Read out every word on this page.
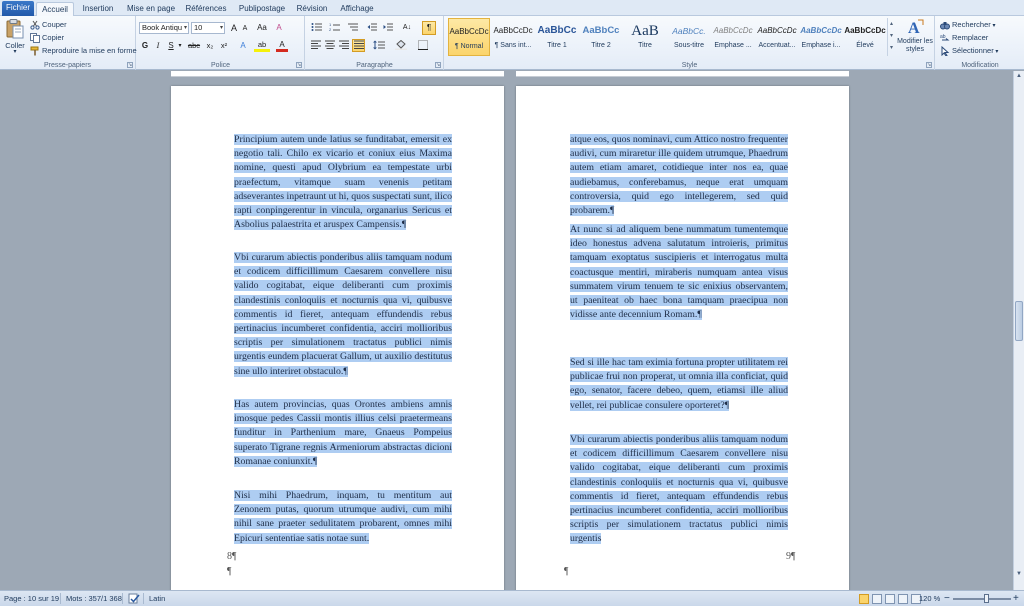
Fichier	Accueil	Insertion	Mise en page	Références	Publipostage	Révision	Affichage
Coller
▾
Couper
Copier
Reproduire la mise en forme
Presse-papiers	↘
Book Antiqu ▾ 10	▾ A A	Aa	A
G	I	S ▾ abc x₂	x²	A	ab	A
Police	↘
1
2	A↓	¶
Paragraphe	↘
AaBbCcDc
¶ Normal
AaBbCcDc
¶ Sans int...
AaBbCc
Titre 1
AaBbCc
Titre 2
AaB
Titre
AaBbCc.
Sous-titre
AaBbCcDc
Emphase ...
AaBbCcDc
Accentuat...
AaBbCcDc
Emphase i...
AaBbCcDc
Élevé
▴
▾
▾
A
Modifier les styles
Style	↘
Rechercher ▾
ab Remplacer
Sélectionner ▾
Modification
Principium autem unde latius se funditabat, emersit ex negotio tali. Chilo ex vicario et coniux eius Maxima nomine, questi apud Olybrium ea tempestate urbi praefectum, vitamque suam venenis petitam adseverantes inpetraunt ut hi, quos suspectati sunt, ilico rapti conpingerentur in vincula, organarius Sericus et Asbolius palaestrita et aruspex Campensis.¶
Vbi curarum abiectis ponderibus aliis tamquam nodum et codicem difficillimum Caesarem convellere nisu valido cogitabat, eique deliberanti cum proximis clandestinis conloquiis et nocturnis qua vi, quibusve commentis id fieret, antequam effundendis rebus pertinacius incumberet confidentia, acciri mollioribus scriptis per simulationem tractatus publici nimis urgentis eundem placuerat Gallum, ut auxilio destitutus sine ullo interiret obstaculo.¶
Has autem provincias, quas Orontes ambiens amnis imosque pedes Cassii montis illius celsi praetermeans funditur in Parthenium mare, Gnaeus Pompeius superato Tigrane regnis Armeniorum abstractas dicioni Romanae coniunxit.¶
Nisi mihi Phaedrum, inquam, tu mentitum aut Zenonem putas, quorum utrumque audivi, cum mihi nihil sane praeter sedulitatem probarent, omnes mihi Epicuri sententiae satis notae sunt.
8¶
¶
atque eos, quos nominavi, cum Attico nostro frequenter audivi, cum miraretur ille quidem utrumque, Phaedrum autem etiam amaret, cotidieque inter nos ea, quae audiebamus, conferebamus, neque erat umquam controversia, quid ego intellegerem, sed quid probarem.¶
At nunc si ad aliquem bene nummatum tumentemque ideo honestus advena salutatum introieris, primitus tamquam exoptatus suscipieris et interrogatus multa coactusque mentiri, miraberis numquam antea visus summatem virum tenuem te sic enixius observantem, ut paeniteat ob haec bona tamquam praecipua non vidisse ante decennium Romam.¶
Sed si ille hac tam eximia fortuna propter utilitatem rei publicae frui non properat, ut omnia illa conficiat, quid ego, senator, facere debeo, quem, etiamsi ille aliud vellet, rei publicae consulere oporteret?¶
Vbi curarum abiectis ponderibus aliis tamquam nodum et codicem difficillimum Caesarem convellere nisu valido cogitabat, eique deliberanti cum proximis clandestinis conloquiis et nocturnis qua vi, quibusve commentis id fieret, antequam effundendis rebus pertinacius incumberet confidentia, acciri mollioribus scriptis per simulationem tractatus publici nimis urgentis
9¶
¶
▲
▼
Page : 10 sur 19 Mots : 357/1 368	Latin	120 % −	+
